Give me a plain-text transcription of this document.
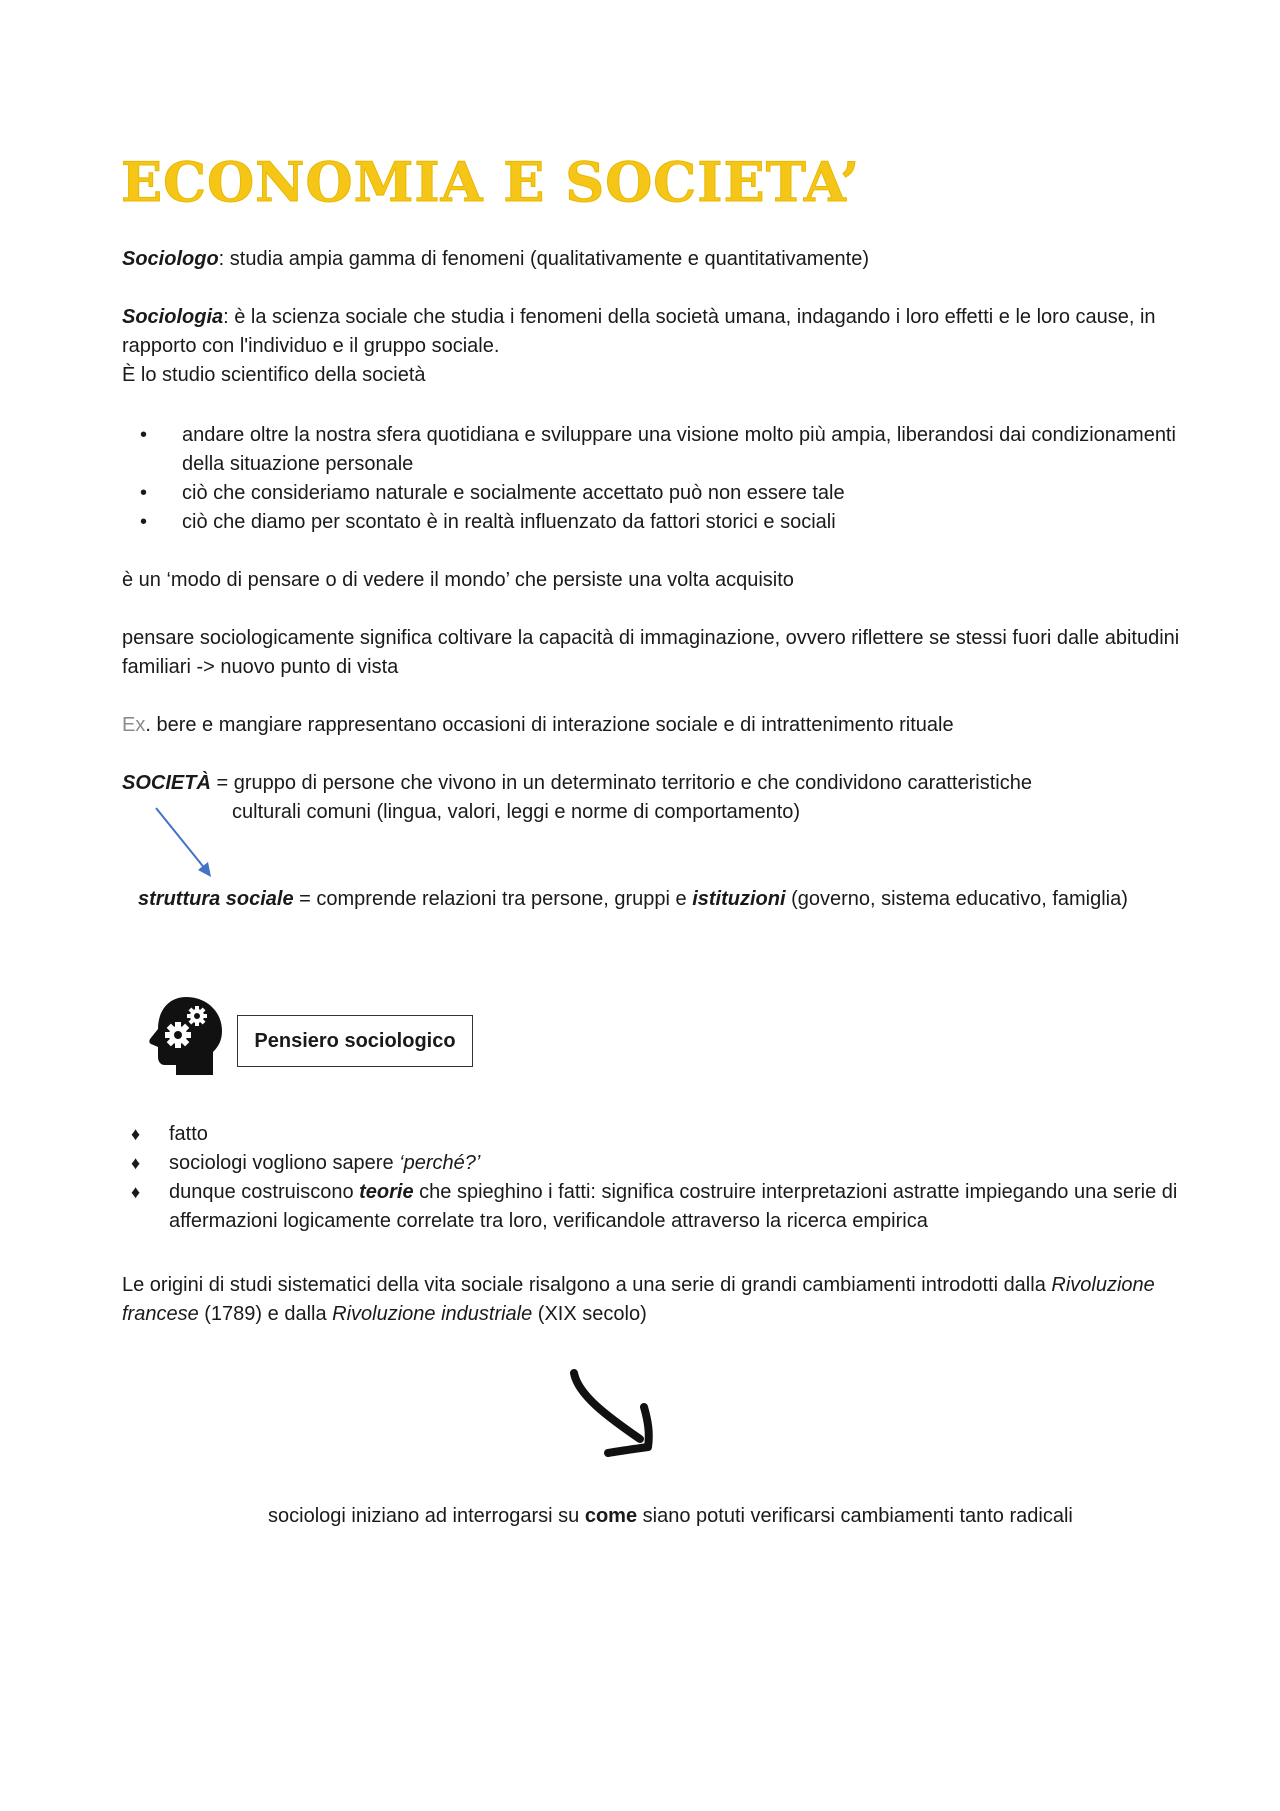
ECONOMIA E SOCIETA’

Sociologo: studia ampia gamma di fenomeni (qualitativamente e quantitativamente)

Sociologia: è la scienza sociale che studia i fenomeni della società umana, indagando i loro effetti e le loro cause, in rapporto con l'individuo e il gruppo sociale.
È lo studio scientifico della società

• andare oltre la nostra sfera quotidiana e sviluppare una visione molto più ampia, liberandosi dai condizionamenti della situazione personale
• ciò che consideriamo naturale e socialmente accettato può non essere tale
• ciò che diamo per scontato è in realtà influenzato da fattori storici e sociali

è un ‘modo di pensare o di vedere il mondo’ che persiste una volta acquisito

pensare sociologicamente significa coltivare la capacità di immaginazione, ovvero riflettere se stessi fuori dalle abitudini familiari -> nuovo punto di vista

Ex. bere e mangiare rappresentano occasioni di interazione sociale e di intrattenimento rituale

SOCIETÀ = gruppo di persone che vivono in un determinato territorio e che condividono caratteristiche
culturali comuni (lingua, valori, leggi e norme di comportamento)

struttura sociale = comprende relazioni tra persone, gruppi e istituzioni (governo, sistema educativo, famiglia)

Pensiero sociologico
♦ fatto
♦ sociologi vogliono sapere ‘perché?’
♦ dunque costruiscono teorie che spieghino i fatti: significa costruire interpretazioni astratte impiegando una serie di affermazioni logicamente correlate tra loro, verificandole attraverso la ricerca empirica

Le origini di studi sistematici della vita sociale risalgono a una serie di grandi cambiamenti introdotti dalla Rivoluzione francese (1789) e dalla Rivoluzione industriale (XIX secolo)

sociologi iniziano ad interrogarsi su come siano potuti verificarsi cambiamenti tanto radicali
